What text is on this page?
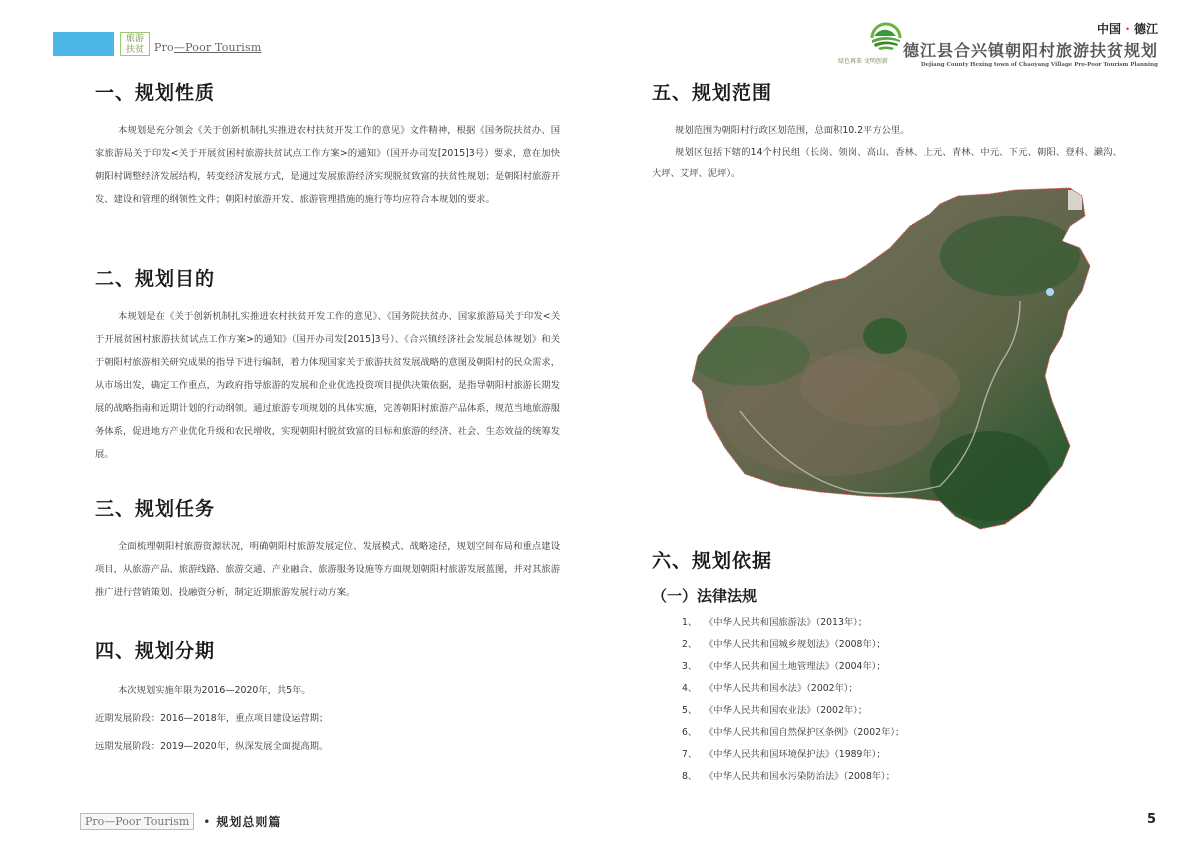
旅游
扶贫 Pro—Poor Tourism
绿色再来 文明创新
中国 · 德江
德江县合兴镇朝阳村旅游扶贫规划
Dejiang County Hexing town of Chaoyang Village Pro-Poor Tourism Planning
一、规划性质

本规划是充分领会《关于创新机制扎实推进农村扶贫开发工作的意见》文件精神，根据《国务院扶贫办、国家旅游局关于印发<关于开展贫困村旅游扶贫试点工作方案>的通知》（国开办司发[2015]3号）要求，意在加快朝阳村调整经济发展结构，转变经济发展方式，是通过发展旅游经济实现脱贫致富的扶贫性规划；是朝阳村旅游开发、建设和管理的纲领性文件；朝阳村旅游开发、旅游管理措施的施行等均应符合本规划的要求。

二、规划目的

本规划是在《关于创新机制扎实推进农村扶贫开发工作的意见》、《国务院扶贫办、国家旅游局关于印发<关于开展贫困村旅游扶贫试点工作方案>的通知》（国开办司发[2015]3号）、《合兴镇经济社会发展总体规划》和关于朝阳村旅游相关研究成果的指导下进行编制，着力体现国家关于旅游扶贫发展战略的意图及朝阳村的民众需求，从市场出发，确定工作重点，为政府指导旅游的发展和企业优选投资项目提供决策依据，是指导朝阳村旅游长期发展的战略指南和近期计划的行动纲领。通过旅游专项规划的具体实施，完善朝阳村旅游产品体系，规范当地旅游服务体系，促进地方产业优化升级和农民增收，实现朝阳村脱贫致富的目标和旅游的经济、社会、生态效益的统筹发展。

三、规划任务

全面梳理朝阳村旅游资源状况，明确朝阳村旅游发展定位、发展模式、战略途径，规划空间布局和重点建设项目，从旅游产品、旅游线路、旅游交通、产业融合、旅游服务设施等方面规划朝阳村旅游发展蓝图，并对其旅游推广进行营销策划、投融资分析，制定近期旅游发展行动方案。

四、规划分期

本次规划实施年限为2016—2020年，共5年。

近期发展阶段：2016—2018年，重点项目建设运营期；

远期发展阶段：2019—2020年，纵深发展全面提高期。

五、规划范围

规划范围为朝阳村行政区划范围，总面积10.2平方公里。

规划区包括下辖的14个村民组（长岗、领岗、高山、香林、上元、青林、中元、下元、朝阳、登科、濑沟、大坪、艾坪、泥坪）。

六、规划依据
（一）法律法规
1、 《中华人民共和国旅游法》（2013年）；
2、 《中华人民共和国城乡规划法》（2008年）；
3、 《中华人民共和国土地管理法》（2004年）；
4、 《中华人民共和国水法》（2002年）；
5、 《中华人民共和国农业法》（2002年）；
6、 《中华人民共和国自然保护区条例》（2002年）；
7、 《中华人民共和国环境保护法》（1989年）；
8、 《中华人民共和国水污染防治法》（2008年）；
Pro—Poor Tourism	• 规划总则篇	5
